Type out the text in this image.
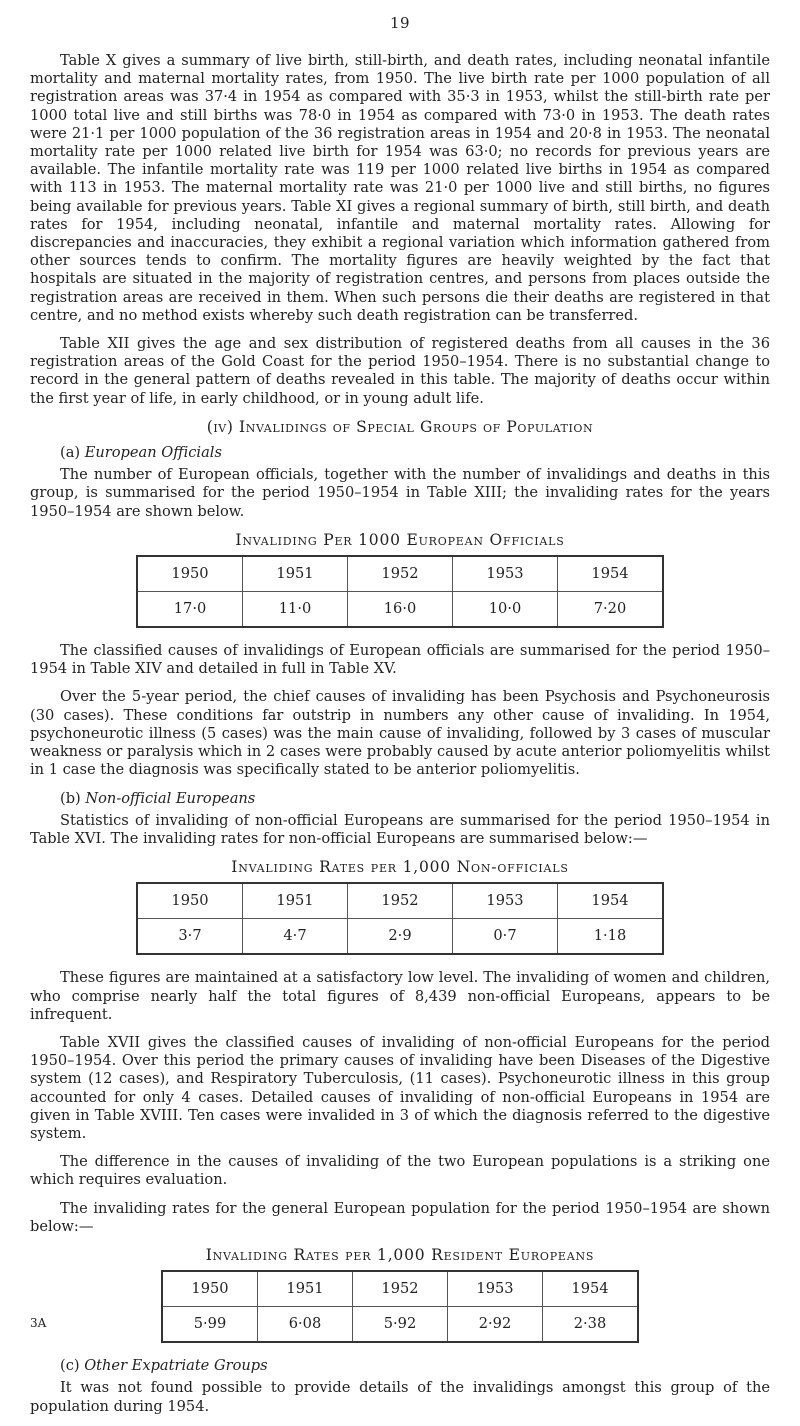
19

Table X gives a summary of live birth, still-birth, and death rates, including neonatal infantile mortality and maternal mortality rates, from 1950. The live birth rate per 1000 population of all registration areas was 37·4 in 1954 as compared with 35·3 in 1953, whilst the still-birth rate per 1000 total live and still births was 78·0 in 1954 as compared with 73·0 in 1953. The death rates were 21·1 per 1000 population of the 36 registration areas in 1954 and 20·8 in 1953. The neonatal mortality rate per 1000 related live birth for 1954 was 63·0; no records for previous years are available. The infantile mortality rate was 119 per 1000 related live births in 1954 as compared with 113 in 1953. The maternal mortality rate was 21·0 per 1000 live and still births, no figures being available for previous years. Table XI gives a regional summary of birth, still birth, and death rates for 1954, including neonatal, infantile and maternal mortality rates. Allowing for discrepancies and inaccuracies, they exhibit a regional variation which information gathered from other sources tends to confirm. The mortality figures are heavily weighted by the fact that hospitals are situated in the majority of registration centres, and persons from places outside the registration areas are received in them. When such persons die their deaths are registered in that centre, and no method exists whereby such death registration can be transferred.

Table XII gives the age and sex distribution of registered deaths from all causes in the 36 registration areas of the Gold Coast for the period 1950–1954. There is no substantial change to record in the general pattern of deaths revealed in this table. The majority of deaths occur within the first year of life, in early childhood, or in young adult life.

(iv) Invalidings of Special Groups of Population
(a) European Officials

The number of European officials, together with the number of invalidings and deaths in this group, is summarised for the period 1950–1954 in Table XIII; the invaliding rates for the years 1950–1954 are shown below.

Invaliding Per 1000 European Officials
1950	1951	1952	1953	1954
17·0	11·0	16·0	10·0	7·20

The classified causes of invalidings of European officials are summarised for the period 1950–1954 in Table XIV and detailed in full in Table XV.

Over the 5-year period, the chief causes of invaliding has been Psychosis and Psychoneurosis (30 cases). These conditions far outstrip in numbers any other cause of invaliding. In 1954, psychoneurotic illness (5 cases) was the main cause of invaliding, followed by 3 cases of muscular weakness or paralysis which in 2 cases were probably caused by acute anterior poliomyelitis whilst in 1 case the diagnosis was specifically stated to be anterior poliomyelitis.

(b) Non-official Europeans

Statistics of invaliding of non-official Europeans are summarised for the period 1950–1954 in Table XVI. The invaliding rates for non-official Europeans are summarised below:—

Invaliding Rates per 1,000 Non-officials
1950	1951	1952	1953	1954
3·7	4·7	2·9	0·7	1·18

These figures are maintained at a satisfactory low level. The invaliding of women and children, who comprise nearly half the total figures of 8,439 non-official Europeans, appears to be infrequent.

Table XVII gives the classified causes of invaliding of non-official Europeans for the period 1950–1954. Over this period the primary causes of invaliding have been Diseases of the Digestive system (12 cases), and Respiratory Tuberculosis, (11 cases). Psychoneurotic illness in this group accounted for only 4 cases. Detailed causes of invaliding of non-official Europeans in 1954 are given in Table XVIII. Ten cases were invalided in 3 of which the diagnosis referred to the digestive system.

The difference in the causes of invaliding of the two European populations is a striking one which requires evaluation.

The invaliding rates for the general European population for the period 1950–1954 are shown below:—

Invaliding Rates per 1,000 Resident Europeans
1950	1951	1952	1953	1954
5·99	6·08	5·92	2·92	2·38
(c) Other Expatriate Groups

It was not found possible to provide details of the invalidings amongst this group of the population during 1954.

3A
